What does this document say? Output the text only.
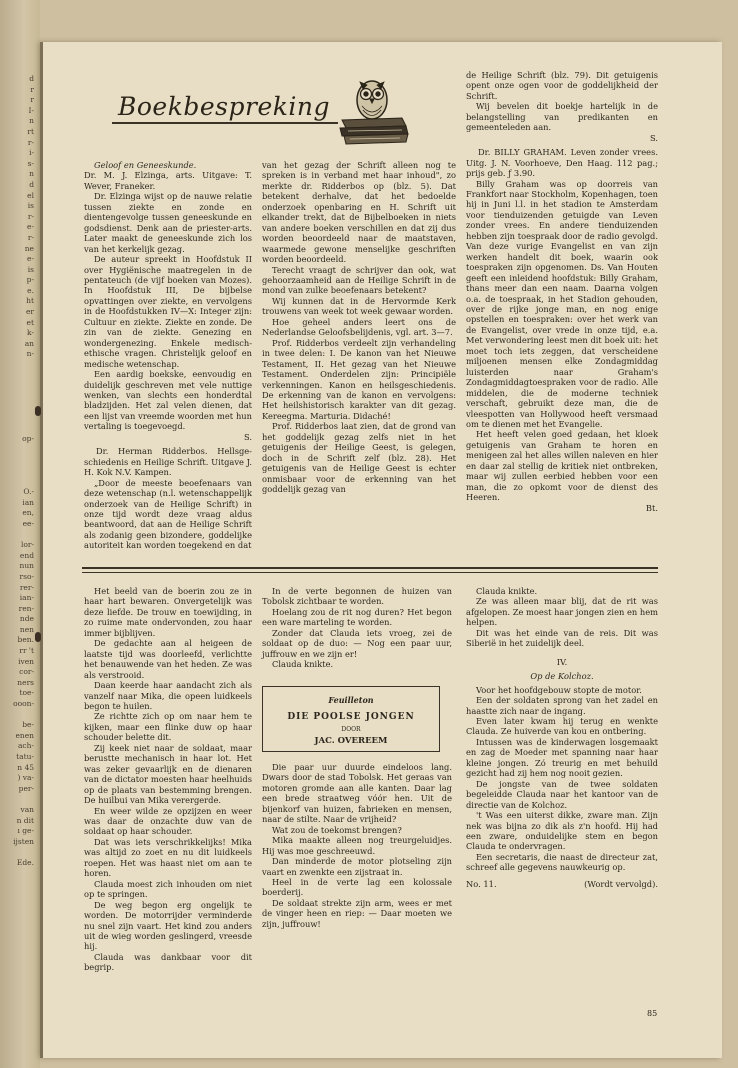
d
r
r
I-
n
rt
r-
i-
s-
n
d
el
is
r-
e-
r-
ne
e-
is
p-
e.
ht
er
et
k-
an
n-

op-

O.-
ian
en,
ee-

lor-
end
nun
rso-
rer-
ian-
ren-
nde
nen
ben.
rr 't
iven
cor-
ners
toe-
ooon-

be-
enen
ach-
tatu-
n 45
) va-
per-

van
n dit
ı ge-
ijsten

Ede.
Boekbespreking

Geloof en Geneeskunde.

Dr. M. J. Elzinga, arts. Uitgave: T. Wever, Franeker.

Dr. Elzinga wijst op de nauwe relatie tussen ziekte en zonde en dientengevolge tussen geneeskunde en godsdienst. Denk aan de priester-arts. Later maakt de geneeskunde zich los van het kerkelijk gezag.

De auteur spreekt in Hoofdstuk II over Hygiënische maatregelen in de pentateuch (de vijf boeken van Mozes). In Hoofdstuk III, De bijbelse opvattingen over ziekte, en vervolgens in de Hoofdstukken IV—X: Integer zijn: Cultuur en ziekte. Ziekte en zonde. De zin van de ziekte. Genezing en wondergenezing. Enkele medisch-ethische vragen. Christelijk geloof en medische wetenschap.

Een aardig boekske, eenvoudig en duidelijk geschreven met vele nuttige wenken, van slechts een honderdtal bladzijden. Het zal velen dienen, dat een lijst van vreemde woorden met hun vertaling is toegevoegd.

S.

Dr. Herman Ridderbos. Hellsge-schiedenis en Heilige Schrift. Uitgave J. H. Kok N.V. Kampen.

„Door de meeste beoefenaars van deze wetenschap (n.l. wetenschappelijk onderzoek van de Heilige Schrift) in onze tijd wordt deze vraag aldus beantwoord, dat aan de Heilige Schrift als zodanig geen bizondere, goddelijke autoriteit kan worden toegekend en dat

van het gezag der Schrift alleen nog te spreken is in verband met haar inhoud", zo merkte dr. Ridderbos op (blz. 5). Dat betekent derhalve, dat het bedoelde onderzoek openbaring en H. Schrift uit elkander trekt, dat de Bijbelboeken in niets van andere boeken verschillen en dat zij dus worden beoordeeld naar de maatstaven, waarmede gewone menselijke geschriften worden beoordeeld.

Terecht vraagt de schrijver dan ook, wat gehoorzaamheid aan de Heilige Schrift in de mond van zulke beoefenaars betekent?

Wij kunnen dat in de Hervormde Kerk trouwens van week tot week gewaar worden.

Hoe geheel anders leert ons de Nederlandse Geloofsbelijdenis, vgl. art. 3—7.

Prof. Ridderbos verdeelt zijn verhandeling in twee delen: I. De kanon van het Nieuwe Testament, II. Het gezag van het Nieuwe Testament. Onderdelen zijn: Principiële verkenningen. Kanon en heilsgeschiedenis. De erkenning van de kanon en vervolgens: Het heilshistorisch karakter van dit gezag. Kereegma. Marturia. Didaché!

Prof. Ridderbos laat zien, dat de grond van het goddelijk gezag zelfs niet in het getuigenis der Heilige Geest, is gelegen, doch in de Schrift zelf (blz. 28). Het getuigenis van de Heilige Geest is echter onmisbaar voor de erkenning van het goddelijk gezag van

de Heilige Schrift (blz. 79). Dit getuigenis opent onze ogen voor de goddelijkheid der Schrift.

Wij bevelen dit boekje hartelijk in de belangstelling van predikanten en gemeenteleden aan.

S.

Dr. BILLY GRAHAM. Leven zonder vrees. Uitg. J. N. Voorhoeve, Den Haag. 112 pag.; prijs geb. ƒ 3.90.

Billy Graham was op doorreis van Frankfort naar Stockholm, Kopenhagen, toen hij in Juni l.l. in het stadion te Amsterdam voor tienduizenden getuigde van Leven zonder vrees. En andere tienduizenden hebben zijn toespraak door de radio gevolgd. Van deze vurige Evangelist en van zijn werken handelt dit boek, waarin ook toespraken zijn opgenomen. Ds. Van Houten geeft een inleidend hoofdstuk: Billy Graham, thans meer dan een naam. Daarna volgen o.a. de toespraak, in het Stadion gehouden, over de rijke jonge man, en nog enige opstellen en toespraken: over het werk van de Evangelist, over vrede in onze tijd, e.a. Met verwondering leest men dit boek uit: het moet toch iets zeggen, dat verscheidene miljoenen mensen elke Zondagmiddag luisterden naar Graham's Zondagmiddagtoespraken voor de radio. Alle middelen, die de moderne techniek verschaft, gebruikt deze man, die de vleespotten van Hollywood heeft versmaad om te dienen met het Evangelie.

Het heeft velen goed gedaan, het kloek getuigenis van Graham te horen en menigeen zal het alles willen naleven en hier en daar zal stellig de kritiek niet ontbreken, maar wij zullen eerbied hebben voor een man, die zo opkomt voor de dienst des Heeren.

Bt.

Het beeld van de boerin zou ze in haar hart bewaren. Onvergetelijk was deze liefde. De trouw en toewijding, in zo ruime mate ondervonden, zou haar immer bijblijven.

De gedachte aan al heigeen de laatste tijd was doorleefd, verlichtte het benauwende van het heden. Ze was als verstrooid.

Daan keerde haar aandacht zich als vanzelf naar Mika, die opeen luidkeels begon te huilen.

Ze richtte zich op om naar hem te kijken, maar een flinke duw op haar schouder belette dit.

Zij keek niet naar de soldaat, maar berustte mechanisch in haar lot. Het was zeker gevaarlijk en de dienaren van de dictator moesten haar heelhuids op de plaats van bestemming brengen. De huilbui van Mika verergerde.

En weer wilde ze opzijzen en weer was daar de onzachte duw van de soldaat op haar schouder.

Dat was iets verschrikkelijks! Mika was altijd zo zoet en nu dit luidkeels roepen. Het was haast niet om aan te horen.

Clauda moest zich inhouden om niet op te springen.

De weg begon erg ongelijk te worden. De motorrijder verminderde nu snel zijn vaart. Het kind zou anders uit de wieg worden geslingerd, vreesde hij.

Clauda was dankbaar voor dit begrip.

In de verte begonnen de huizen van Tobolsk zichtbaar te worden.

Hoelang zou de rit nog duren? Het begon een ware marteling te worden.

Zonder dat Clauda iets vroeg, zei de soldaat op de duo: — Nog een paar uur, juffrouw en we zijn er!

Clauda knikte.

Feuilleton
DIE POOLSE JONGEN
DOOR
JAC. OVEREEM

Die paar uur duurde eindeloos lang. Dwars door de stad Tobolsk. Het geraas van motoren gromde aan alle kanten. Daar lag een brede straatweg vóór hen. Uit de bijenkorf van huizen, fabrieken en mensen, naar de stilte. Naar de vrijheid?

Wat zou de toekomst brengen?

Mika maakte alleen nog treurgeluidjes. Hij was moe geschreeuwd.

Dan minderde de motor plotseling zijn vaart en zwenkte een zijstraat in.

Heel in de verte lag een kolossale boerderij.

De soldaat strekte zijn arm, wees er met de vinger heen en riep: — Daar moeten we zijn, juffrouw!

Clauda knikte.

Ze was alleen maar blij, dat de rit was afgelopen. Ze moest haar jongen zien en hem helpen.

Dit was het einde van de reis. Dit was Siberië in het zuidelijk deel.

IV.

Op de Kolchoz.

Voor het hoofdgebouw stopte de motor.

Een der soldaten sprong van het zadel en haastte zich naar de ingang.

Even later kwam hij terug en wenkte Clauda. Ze huiverde van kou en ontbering.

Intussen was de kinderwagen losgemaakt en zag de Moeder met spanning naar haar kleine jongen. Zó treurig en met behuild gezicht had zij hem nog nooit gezien.

De jongste van de twee soldaten begeleidde Clauda naar het kantoor van de directie van de Kolchoz.

't Was een uiterst dikke, zware man. Zijn nek was bijna zo dik als z'n hoofd. Hij had een zware, onduidelijke stem en begon Clauda te ondervragen.

Een secretaris, die naast de directeur zat, schreef alle gegevens nauwkeurig op.

No. 11.	(Wordt vervolgd).
85
